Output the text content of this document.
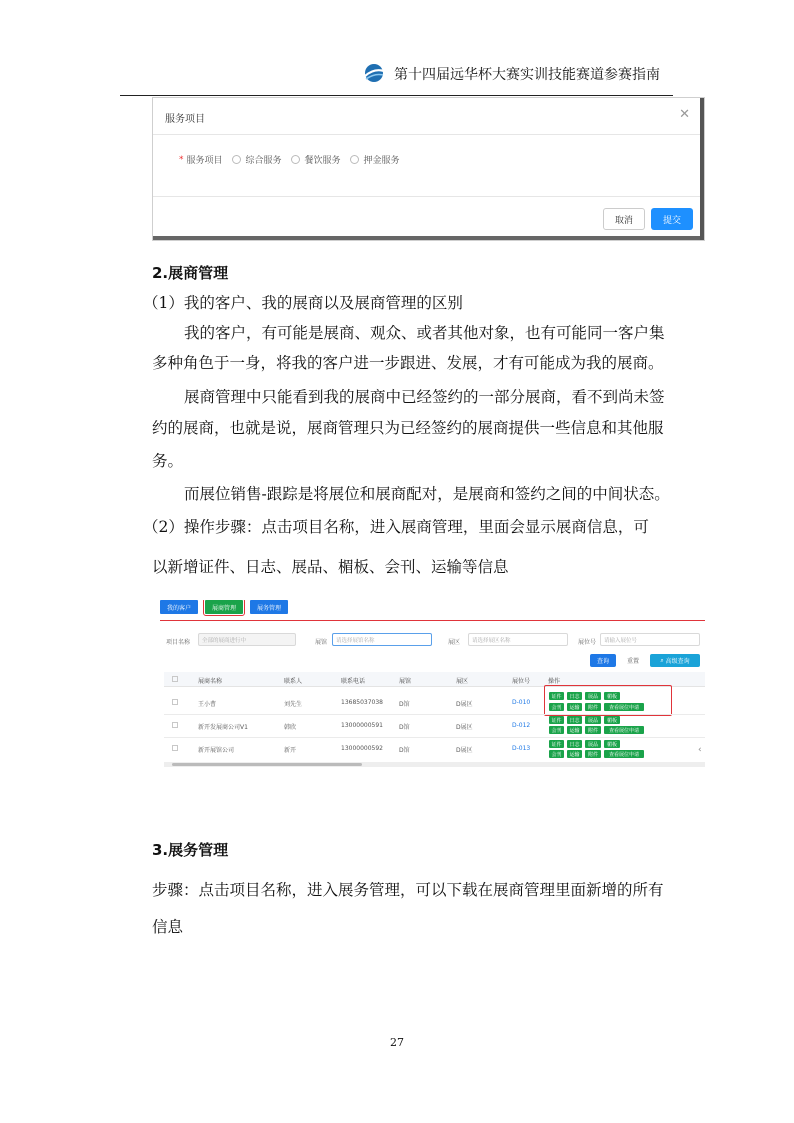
第十四届远华杯大赛实训技能赛道参赛指南
服务项目	✕
* 服务项目	综合服务	餐饮服务	押金服务
取消	提交
2.展商管理
（1）我的客户、我的展商以及展商管理的区别
我的客户，有可能是展商、观众、或者其他对象，也有可能同一客户集
多种角色于一身，将我的客户进一步跟进、发展，才有可能成为我的展商。
展商管理中只能看到我的展商中已经签约的一部分展商，看不到尚未签
约的展商，也就是说，展商管理只为已经签约的展商提供一些信息和其他服
务。
而展位销售-跟踪是将展位和展商配对，是展商和签约之间的中间状态。
（2）操作步骤：点击项目名称，进入展商管理，里面会显示展商信息，可
以新增证件、日志、展品、楣板、会刊、运输等信息
我的客户	展商管理	展务管理
项目名称	全部的展商进行中	展馆	请选择展馆名称	展区	请选择展区名称	展位号	请输入展位号
查询	重置	⌕ 高级查询
展商名称	联系人	联系电话	展馆	展区	展位号	操作
王小曹	刘先生	13685037038	D馆	D展区	D-010
证件	日志	展品	楣板
会刊	运输	附件	查看展位申请
新开发展商公司V1	韩欣	13000000591	D馆	D展区	D-012
证件	日志	展品	楣板
会刊	运输	附件	查看展位申请
新开展馆公司	新开	13000000592	D馆	D展区	D-013
证件	日志	展品	楣板
会刊	运输	附件	查看展位申请	‹
3.展务管理
步骤：点击项目名称，进入展务管理，可以下载在展商管理里面新增的所有
信息
27
